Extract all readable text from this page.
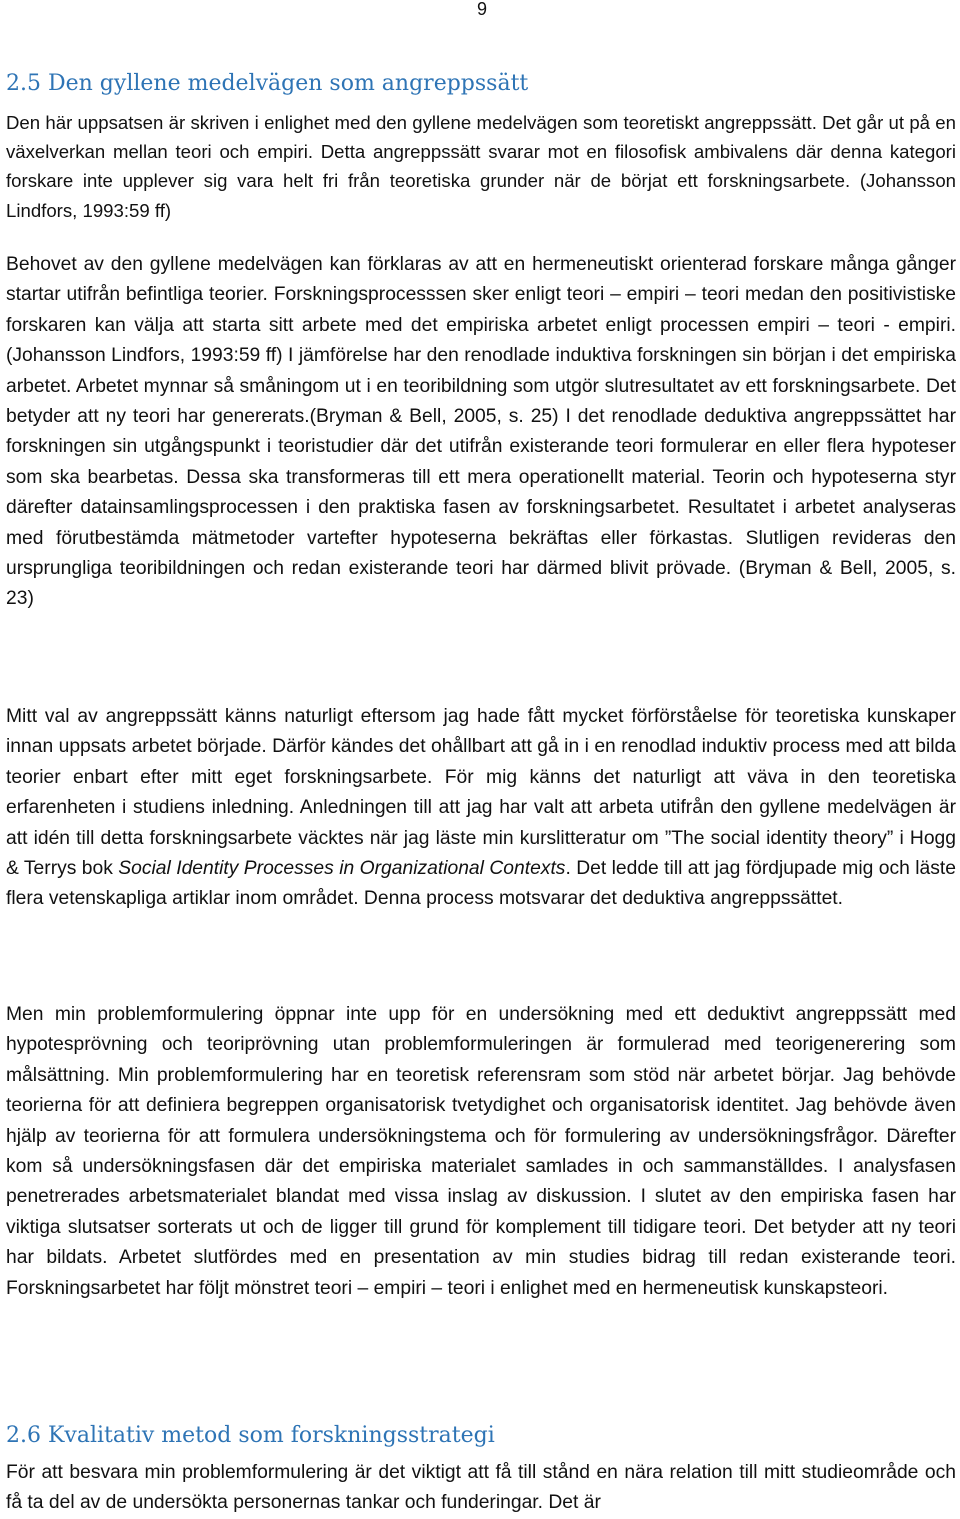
9
2.5 Den gyllene medelvägen som angreppssätt

Den här uppsatsen är skriven i enlighet med den gyllene medelvägen som teoretiskt angreppssätt. Det går ut på en växelverkan mellan teori och empiri. Detta angreppssätt svarar mot en filosofisk ambivalens där denna kategori forskare inte upplever sig vara helt fri från teoretiska grunder när de börjat ett forskningsarbete. (Johansson Lindfors, 1993:59 ff)

Behovet av den gyllene medelvägen kan förklaras av att en hermeneutiskt orienterad forskare många gånger startar utifrån befintliga teorier. Forskningsprocesssen sker enligt teori – empiri – teori medan den positivistiske forskaren kan välja att starta sitt arbete med det empiriska arbetet enligt processen empiri – teori - empiri. (Johansson Lindfors, 1993:59 ff) I jämförelse har den renodlade induktiva forskningen sin början i det empiriska arbetet. Arbetet mynnar så småningom ut i en teoribildning som utgör slutresultatet av ett forskningsarbete. Det betyder att ny teori har genererats.(Bryman & Bell, 2005, s. 25) I det renodlade deduktiva angreppssättet har forskningen sin utgångspunkt i teoristudier där det utifrån existerande teori formulerar en eller flera hypoteser som ska bearbetas. Dessa ska transformeras till ett mera operationellt material. Teorin och hypoteserna styr därefter datainsamlingsprocessen i den praktiska fasen av forskningsarbetet. Resultatet i arbetet analyseras med förutbestämda mätmetoder vartefter hypoteserna bekräftas eller förkastas. Slutligen revideras den ursprungliga teoribildningen och redan existerande teori har därmed blivit prövade. (Bryman & Bell, 2005, s. 23)

Mitt val av angreppssätt känns naturligt eftersom jag hade fått mycket förförståelse för teoretiska kunskaper innan uppsats arbetet började. Därför kändes det ohållbart att gå in i en renodlad induktiv process med att bilda teorier enbart efter mitt eget forskningsarbete. För mig känns det naturligt att väva in den teoretiska erfarenheten i studiens inledning. Anledningen till att jag har valt att arbeta utifrån den gyllene medelvägen är att idén till detta forskningsarbete väcktes när jag läste min kurslitteratur om ”The social identity theory” i Hogg & Terrys bok Social Identity Processes in Organizational Contexts. Det ledde till att jag fördjupade mig och läste flera vetenskapliga artiklar inom området. Denna process motsvarar det deduktiva angreppssättet.

Men min problemformulering öppnar inte upp för en undersökning med ett deduktivt angreppssätt med hypotesprövning och teoriprövning utan problemformuleringen är formulerad med teorigenerering som målsättning. Min problemformulering har en teoretisk referensram som stöd när arbetet börjar. Jag behövde teorierna för att definiera begreppen organisatorisk tvetydighet och organisatorisk identitet. Jag behövde även hjälp av teorierna för att formulera undersökningstema och för formulering av undersökningsfrågor. Därefter kom så undersökningsfasen där det empiriska materialet samlades in och sammanställdes. I analysfasen penetrerades arbetsmaterialet blandat med vissa inslag av diskussion. I slutet av den empiriska fasen har viktiga slutsatser sorterats ut och de ligger till grund för komplement till tidigare teori. Det betyder att ny teori har bildats. Arbetet slutfördes med en presentation av min studies bidrag till redan existerande teori. Forskningsarbetet har följt mönstret teori – empiri – teori i enlighet med en hermeneutisk kunskapsteori.

2.6 Kvalitativ metod som forskningsstrategi

För att besvara min problemformulering är det viktigt att få till stånd en nära relation till mitt studieområde och få ta del av de undersökta personernas tankar och funderingar. Det är
